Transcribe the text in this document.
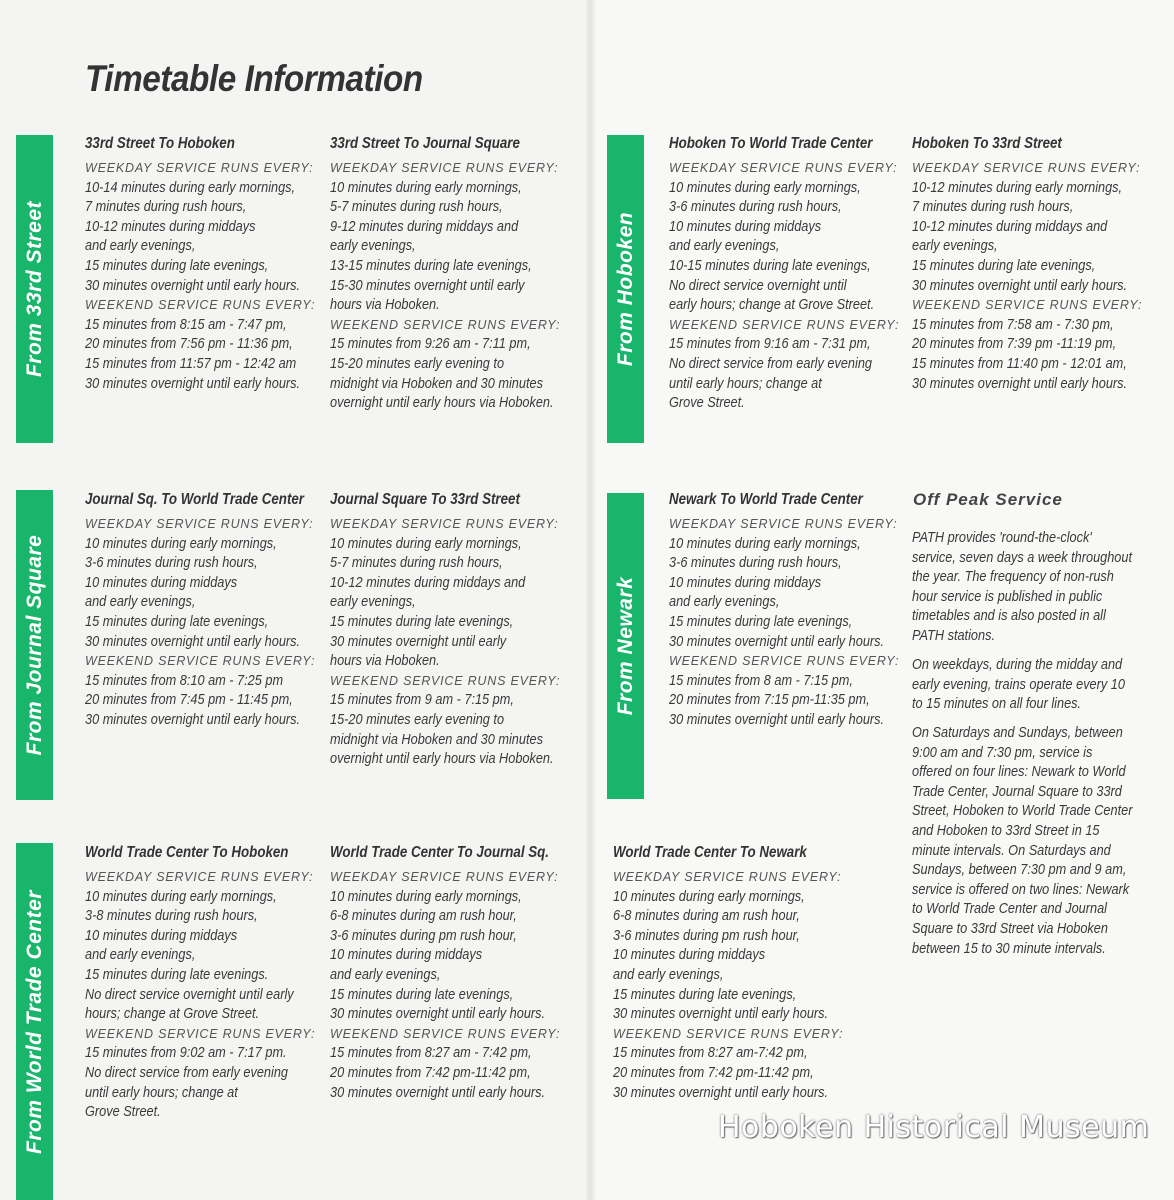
Timetable Information
From 33rd Street
From Journal Square
From World Trade Center
From Hoboken
From Newark
33rd Street To Hoboken
WEEKDAY SERVICE RUNS EVERY:
10-14 minutes during early mornings,
7 minutes during rush hours,
10-12 minutes during middays
and early evenings,
15 minutes during late evenings,
30 minutes overnight until early hours.
WEEKEND SERVICE RUNS EVERY:
15 minutes from 8:15 am - 7:47 pm,
20 minutes from 7:56 pm - 11:36 pm,
15 minutes from 11:57 pm - 12:42 am
30 minutes overnight until early hours.
33rd Street To Journal Square
WEEKDAY SERVICE RUNS EVERY:
10 minutes during early mornings,
5-7 minutes during rush hours,
9-12 minutes during middays and
early evenings,
13-15 minutes during late evenings,
15-30 minutes overnight until early
hours via Hoboken.
WEEKEND SERVICE RUNS EVERY:
15 minutes from 9:26 am - 7:11 pm,
15-20 minutes early evening to
midnight via Hoboken and 30 minutes
overnight until early hours via Hoboken.
Journal Sq. To World Trade Center
WEEKDAY SERVICE RUNS EVERY:
10 minutes during early mornings,
3-6 minutes during rush hours,
10 minutes during middays
and early evenings,
15 minutes during late evenings,
30 minutes overnight until early hours.
WEEKEND SERVICE RUNS EVERY:
15 minutes from 8:10 am - 7:25 pm
20 minutes from 7:45 pm - 11:45 pm,
30 minutes overnight until early hours.
Journal Square To 33rd Street
WEEKDAY SERVICE RUNS EVERY:
10 minutes during early mornings,
5-7 minutes during rush hours,
10-12 minutes during middays and
early evenings,
15 minutes during late evenings,
30 minutes overnight until early
hours via Hoboken.
WEEKEND SERVICE RUNS EVERY:
15 minutes from 9 am - 7:15 pm,
15-20 minutes early evening to
midnight via Hoboken and 30 minutes
overnight until early hours via Hoboken.
World Trade Center To Hoboken
WEEKDAY SERVICE RUNS EVERY:
10 minutes during early mornings,
3-8 minutes during rush hours,
10 minutes during middays
and early evenings,
15 minutes during late evenings.
No direct service overnight until early
hours; change at Grove Street.
WEEKEND SERVICE RUNS EVERY:
15 minutes from 9:02 am - 7:17 pm.
No direct service from early evening
until early hours; change at
Grove Street.
World Trade Center To Journal Sq.
WEEKDAY SERVICE RUNS EVERY:
10 minutes during early mornings,
6-8 minutes during am rush hour,
3-6 minutes during pm rush hour,
10 minutes during middays
and early evenings,
15 minutes during late evenings,
30 minutes overnight until early hours.
WEEKEND SERVICE RUNS EVERY:
15 minutes from 8:27 am - 7:42 pm,
20 minutes from 7:42 pm-11:42 pm,
30 minutes overnight until early hours.
Hoboken To World Trade Center
WEEKDAY SERVICE RUNS EVERY:
10 minutes during early mornings,
3-6 minutes during rush hours,
10 minutes during middays
and early evenings,
10-15 minutes during late evenings,
No direct service overnight until
early hours; change at Grove Street.
WEEKEND SERVICE RUNS EVERY:
15 minutes from 9:16 am - 7:31 pm,
No direct service from early evening
until early hours; change at
Grove Street.
Hoboken To 33rd Street
WEEKDAY SERVICE RUNS EVERY:
10-12 minutes during early mornings,
7 minutes during rush hours,
10-12 minutes during middays and
early evenings,
15 minutes during late evenings,
30 minutes overnight until early hours.
WEEKEND SERVICE RUNS EVERY:
15 minutes from 7:58 am - 7:30 pm,
20 minutes from 7:39 pm -11:19 pm,
15 minutes from 11:40 pm - 12:01 am,
30 minutes overnight until early hours.
Newark To World Trade Center
WEEKDAY SERVICE RUNS EVERY:
10 minutes during early mornings,
3-6 minutes during rush hours,
10 minutes during middays
and early evenings,
15 minutes during late evenings,
30 minutes overnight until early hours.
WEEKEND SERVICE RUNS EVERY:
15 minutes from 8 am - 7:15 pm,
20 minutes from 7:15 pm-11:35 pm,
30 minutes overnight until early hours.
World Trade Center To Newark
WEEKDAY SERVICE RUNS EVERY:
10 minutes during early mornings,
6-8 minutes during am rush hour,
3-6 minutes during pm rush hour,
10 minutes during middays
and early evenings,
15 minutes during late evenings,
30 minutes overnight until early hours.
WEEKEND SERVICE RUNS EVERY:
15 minutes from 8:27 am-7:42 pm,
20 minutes from 7:42 pm-11:42 pm,
30 minutes overnight until early hours.
Off Peak Service
PATH provides 'round-the-clock'
service, seven days a week throughout
the year. The frequency of non-rush
hour service is published in public
timetables and is also posted in all
PATH stations.
On weekdays, during the midday and
early evening, trains operate every 10
to 15 minutes on all four lines.
On Saturdays and Sundays, between
9:00 am and 7:30 pm, service is
offered on four lines: Newark to World
Trade Center, Journal Square to 33rd
Street, Hoboken to World Trade Center
and Hoboken to 33rd Street in 15
minute intervals. On Saturdays and
Sundays, between 7:30 pm and 9 am,
service is offered on two lines: Newark
to World Trade Center and Journal
Square to 33rd Street via Hoboken
between 15 to 30 minute intervals.
Hoboken Historical Museum
